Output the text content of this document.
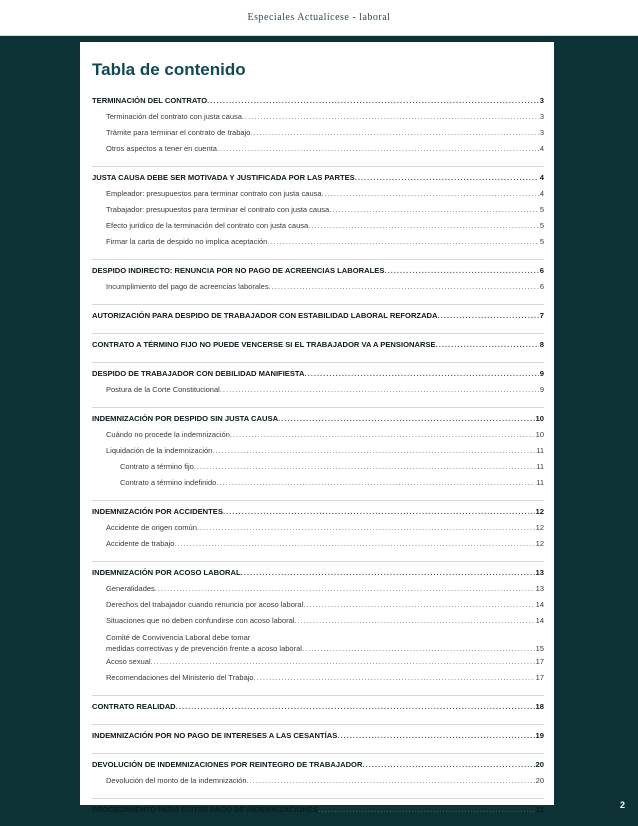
Especiales Actualícese - laboral
Tabla de contenido
TERMINACIÓN DEL CONTRATO .....	3
Terminación del contrato con justa causa .....	3
Trámite para terminar el contrato de trabajo .....	3
Otros aspectos a tener en cuenta .....	4
JUSTA CAUSA DEBE SER MOTIVADA Y JUSTIFICADA POR LAS PARTES .....	4
Empleador: presupuestos para terminar contrato con justa causa .....	4
Trabajador: presupuestos para terminar el contrato con justa causa .....	5
Efecto jurídico de la terminación del contrato con justa causa .....	5
Firmar la carta de despido no implica aceptación .....	5
DESPIDO INDIRECTO: RENUNCIA POR NO PAGO DE ACREENCIAS LABORALES .....	6
Incumplimiento del pago de acreencias laborales .....	6
AUTORIZACIÓN PARA DESPIDO DE TRABAJADOR CON ESTABILIDAD LABORAL REFORZADA .....	7
CONTRATO A TÉRMINO FIJO NO PUEDE VENCERSE SI EL TRABAJADOR VA A PENSIONARSE .....	8
DESPIDO DE TRABAJADOR CON DEBILIDAD MANIFIESTA .....	9
Postura de la Corte Constitucional .....	9
INDEMNIZACIÓN POR DESPIDO SIN JUSTA CAUSA .....	10
Cuándo no procede la indemnización .....	10
Liquidación de la indemnización .....	11
Contrato a término fijo .....	11
Contrato a término indefinido .....	11
INDEMNIZACIÓN POR ACCIDENTES .....	12
Accidente de origen común .....	12
Accidente de trabajo .....	12
INDEMNIZACIÓN POR ACOSO LABORAL .....	13
Generalidades .....	13
Derechos del trabajador cuando renuncia por acoso laboral .....	14
Situaciones que no deben confundirse con acoso laboral .....	14
Comité de Convivencia Laboral debe tomar
medidas correctivas y de prevención frente a acoso laboral .....	15
Acoso sexual .....	17
Recomendaciones del Ministerio del Trabajo .....	17
CONTRATO REALIDAD .....	18
INDEMNIZACIÓN POR NO PAGO DE INTERESES A LAS CESANTÍAS .....	19
DEVOLUCIÓN DE INDEMNIZACIONES POR REINTEGRO DE TRABAJADOR .....	20
Devolución del monto de la indemnización .....	20
PROCEDIMIENTO PARA EVITAR PAGO DE INDEMNIZACIONES .....	21	2
